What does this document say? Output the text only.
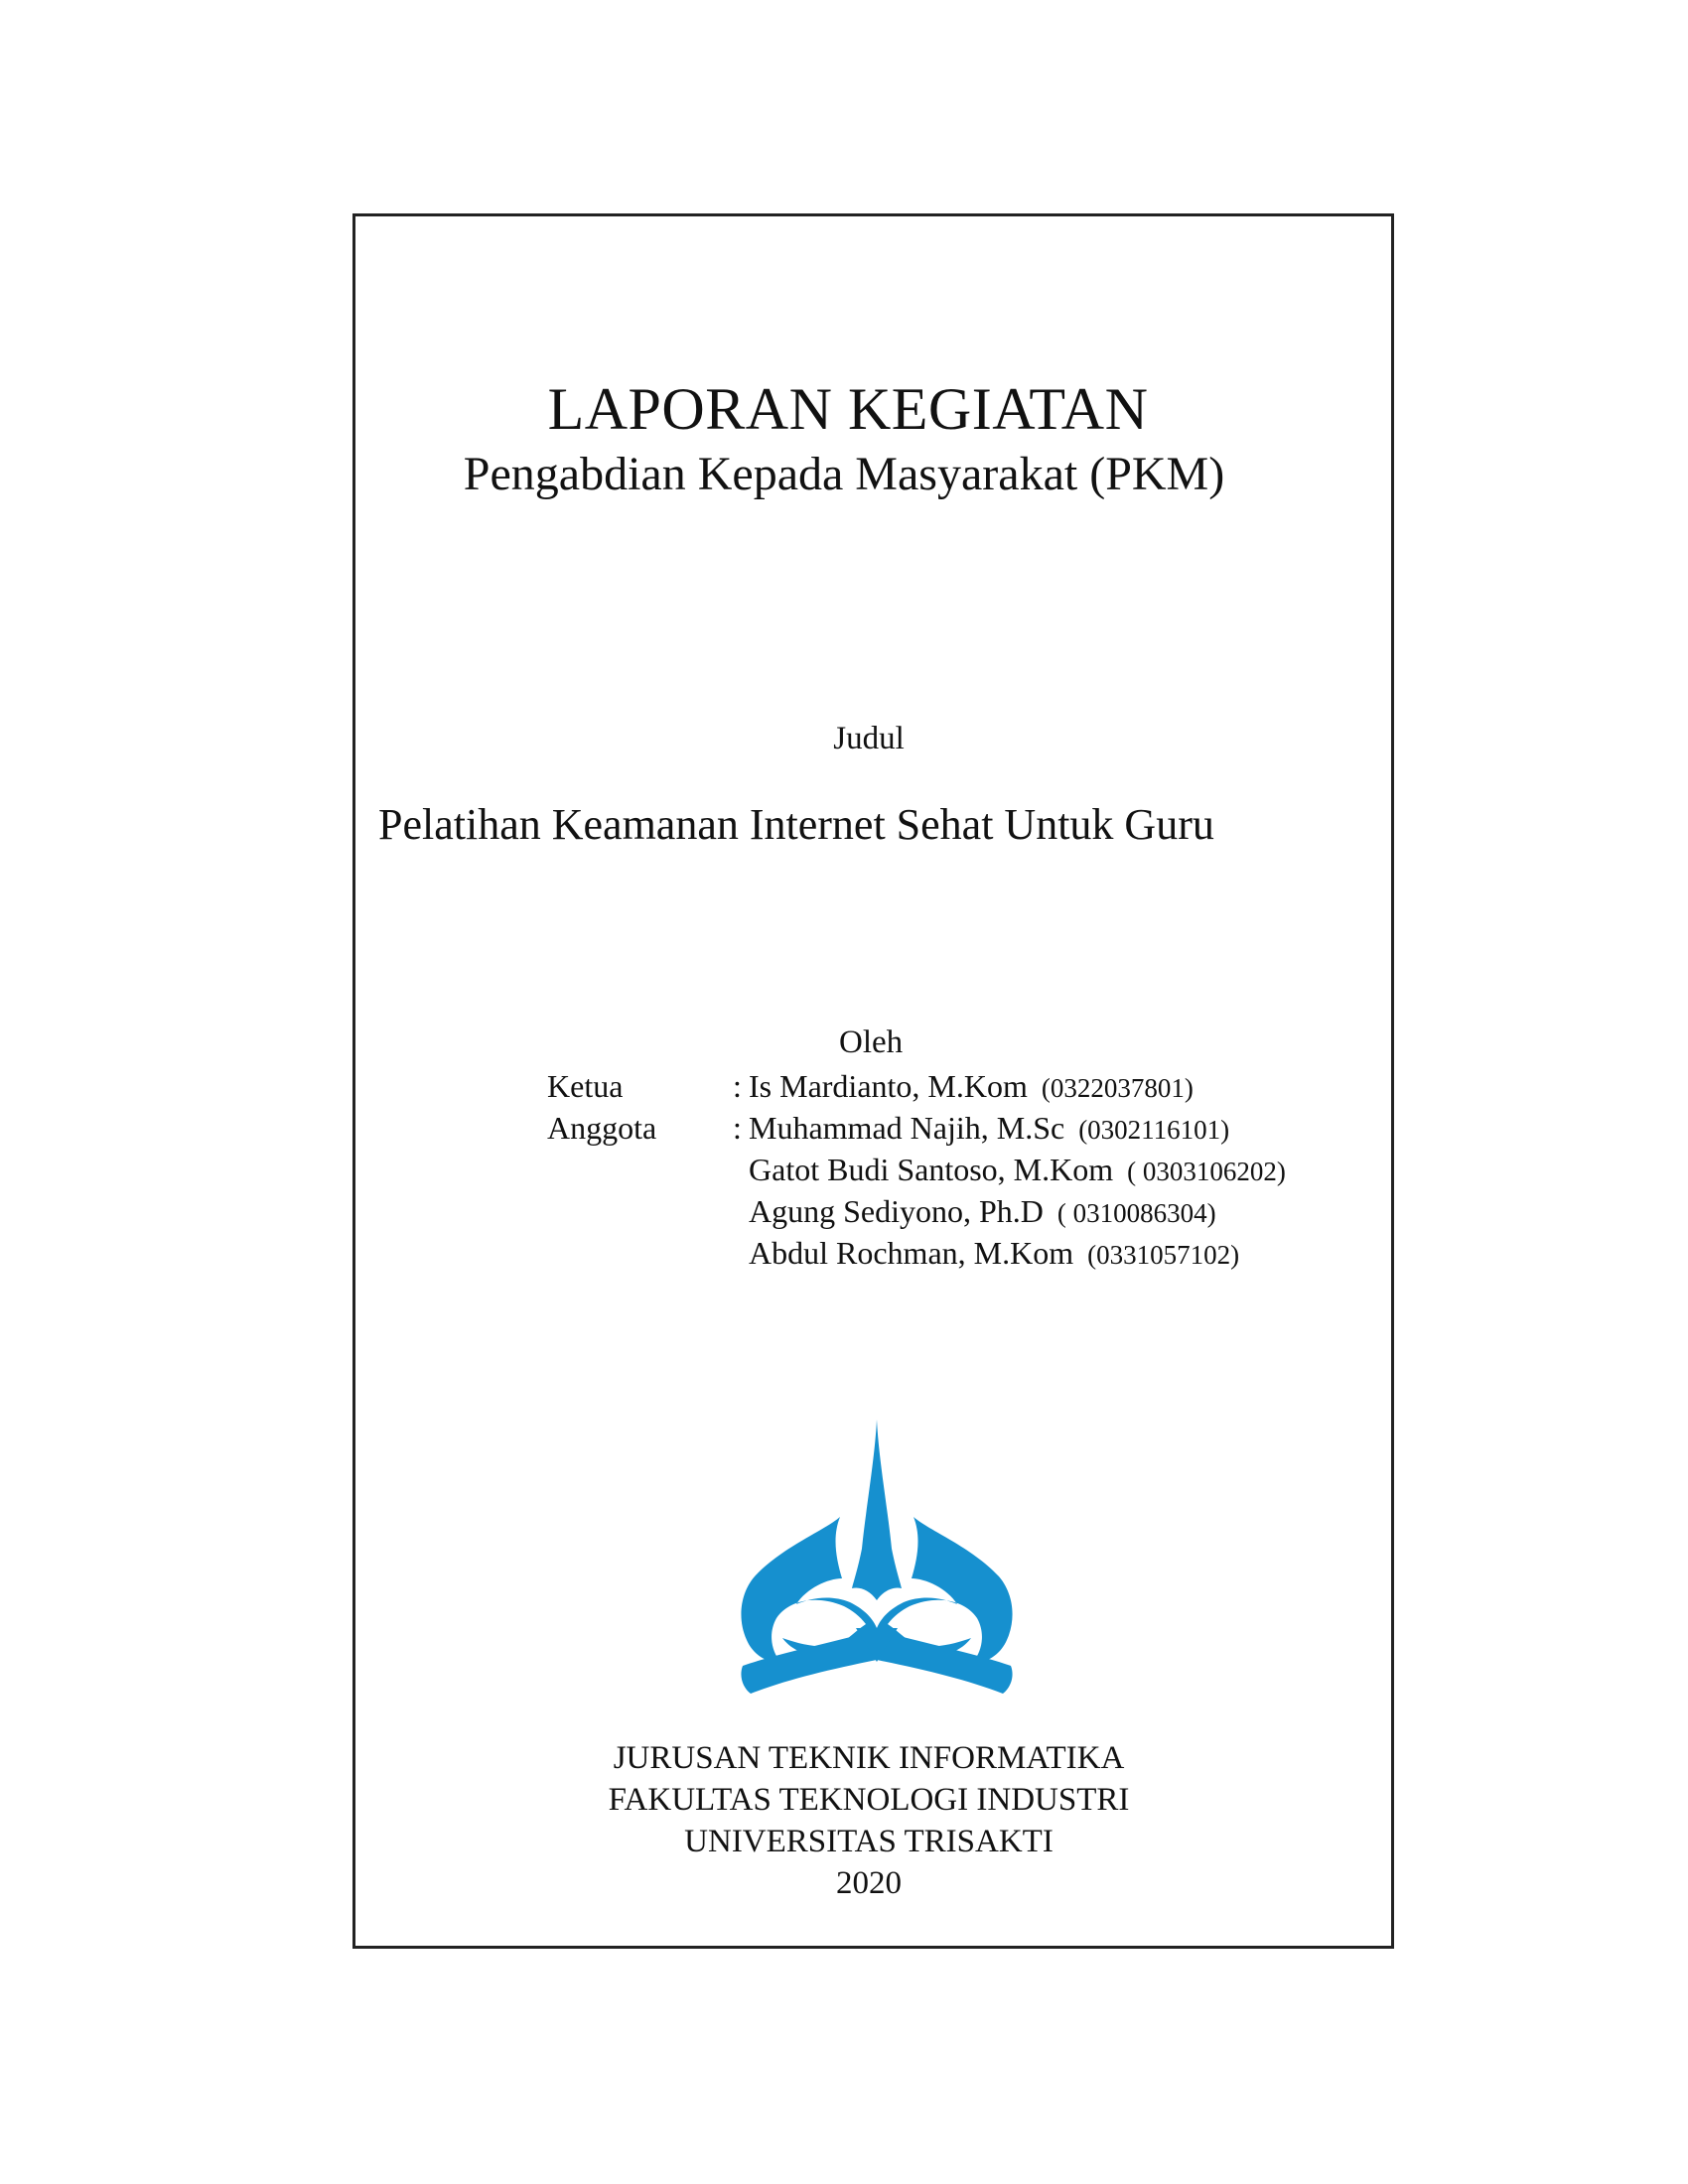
LAPORAN KEGIATAN
Pengabdian Kepada Masyarakat (PKM)
Judul
Pelatihan Keamanan Internet Sehat Untuk Guru
Oleh
Ketua	: Is Mardianto, M.Kom (0322037801)
Anggota	: Muhammad Najih, M.Sc (0302116101)
Gatot Budi Santoso, M.Kom ( 0303106202)
Agung Sediyono, Ph.D ( 0310086304)
Abdul Rochman, M.Kom (0331057102)
JURUSAN TEKNIK INFORMATIKA
FAKULTAS TEKNOLOGI INDUSTRI
UNIVERSITAS TRISAKTI
2020
